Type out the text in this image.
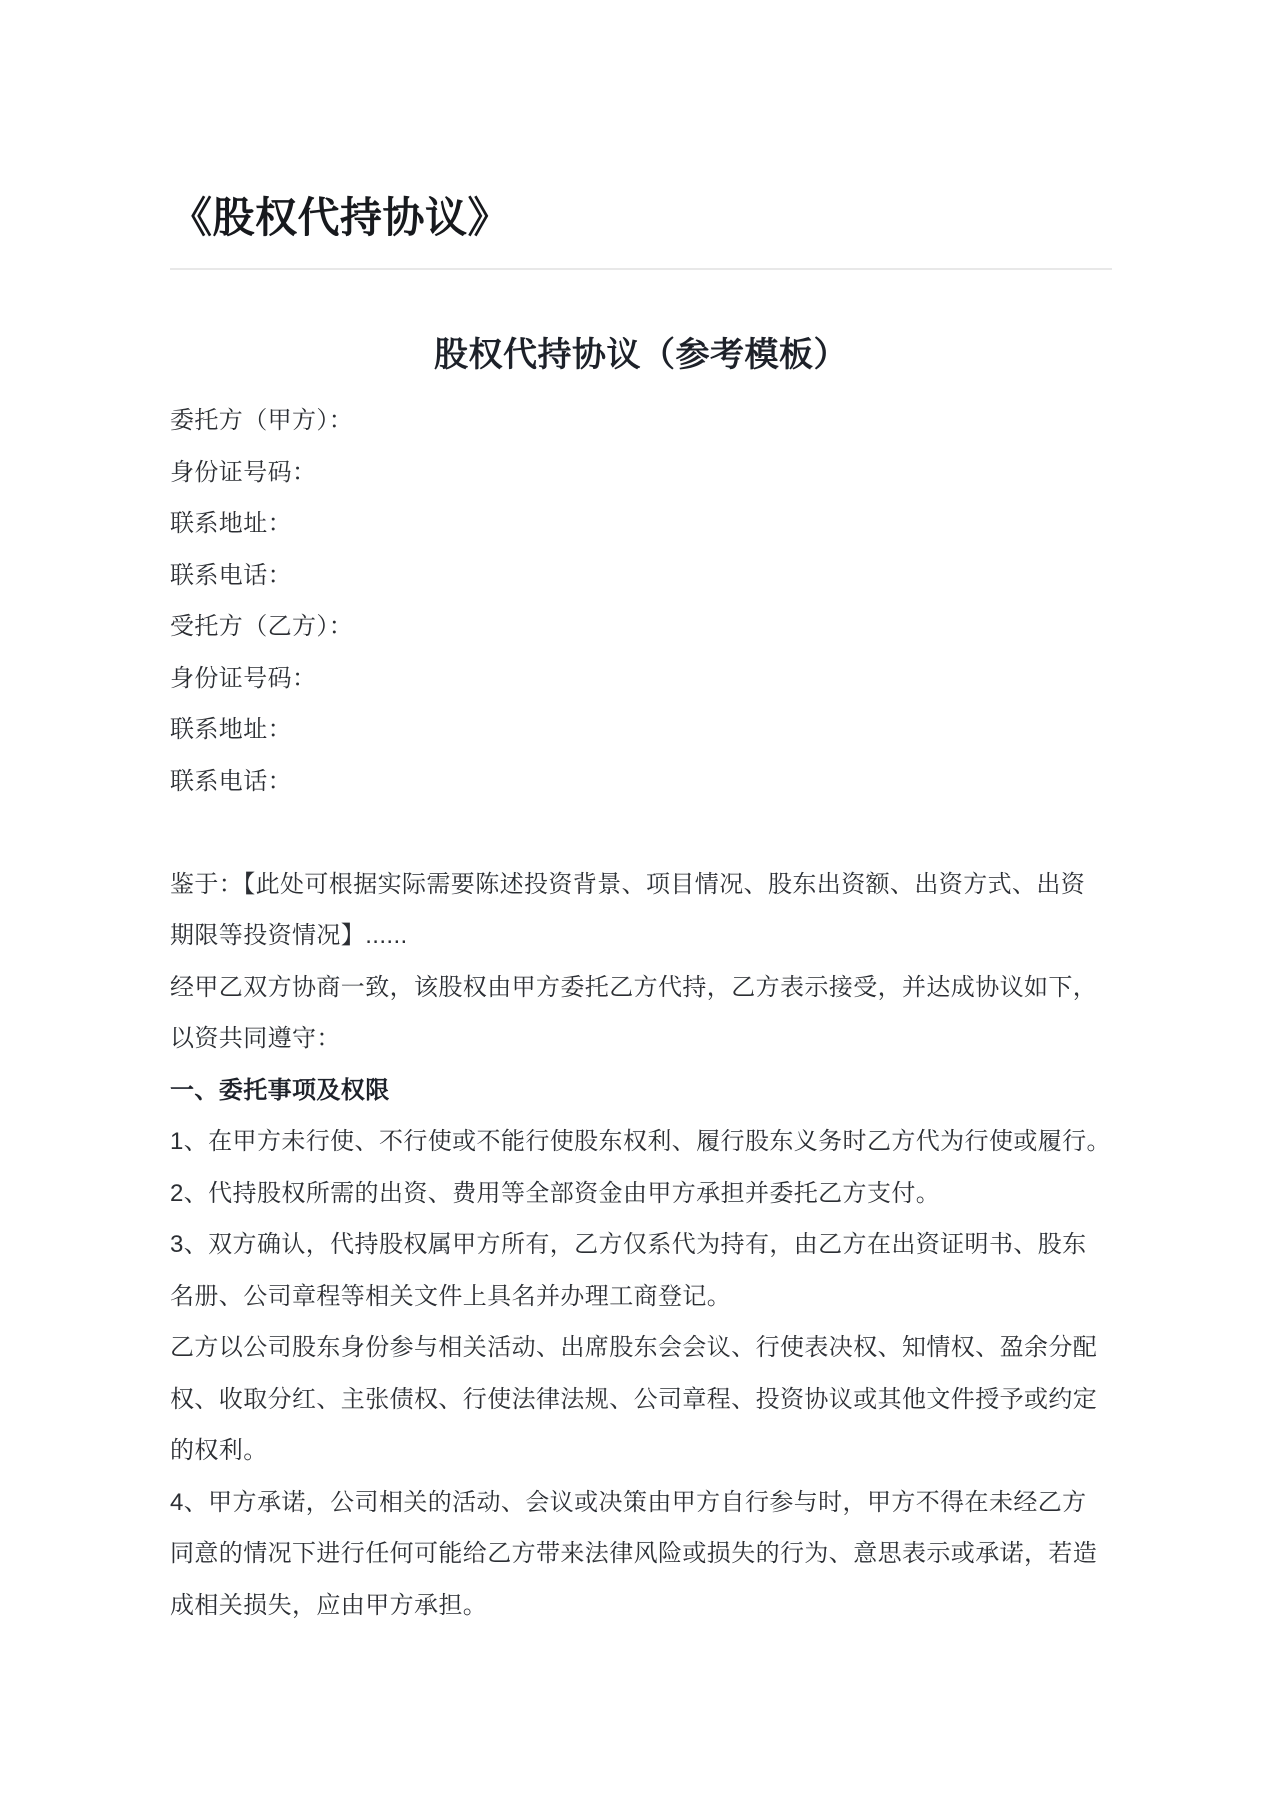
《股权代持协议》
股权代持协议（参考模板）
委托方（甲方）：
身份证号码：
联系地址：
联系电话：
受托方（乙方）：
身份证号码：
联系地址：
联系电话：

鉴于：【此处可根据实际需要陈述投资背景、项目情况、股东出资额、出资方式、出资
期限等投资情况】......
经甲乙双方协商一致，该股权由甲方委托乙方代持，乙方表示接受，并达成协议如下，
以资共同遵守：
一、委托事项及权限
1、在甲方未行使、不行使或不能行使股东权利、履行股东义务时乙方代为行使或履行。
2、代持股权所需的出资、费用等全部资金由甲方承担并委托乙方支付。
3、双方确认，代持股权属甲方所有，乙方仅系代为持有，由乙方在出资证明书、股东
名册、公司章程等相关文件上具名并办理工商登记。
乙方以公司股东身份参与相关活动、出席股东会会议、行使表决权、知情权、盈余分配
权、收取分红、主张债权、行使法律法规、公司章程、投资协议或其他文件授予或约定
的权利。
4、甲方承诺，公司相关的活动、会议或决策由甲方自行参与时，甲方不得在未经乙方
同意的情况下进行任何可能给乙方带来法律风险或损失的行为、意思表示或承诺，若造
成相关损失，应由甲方承担。
